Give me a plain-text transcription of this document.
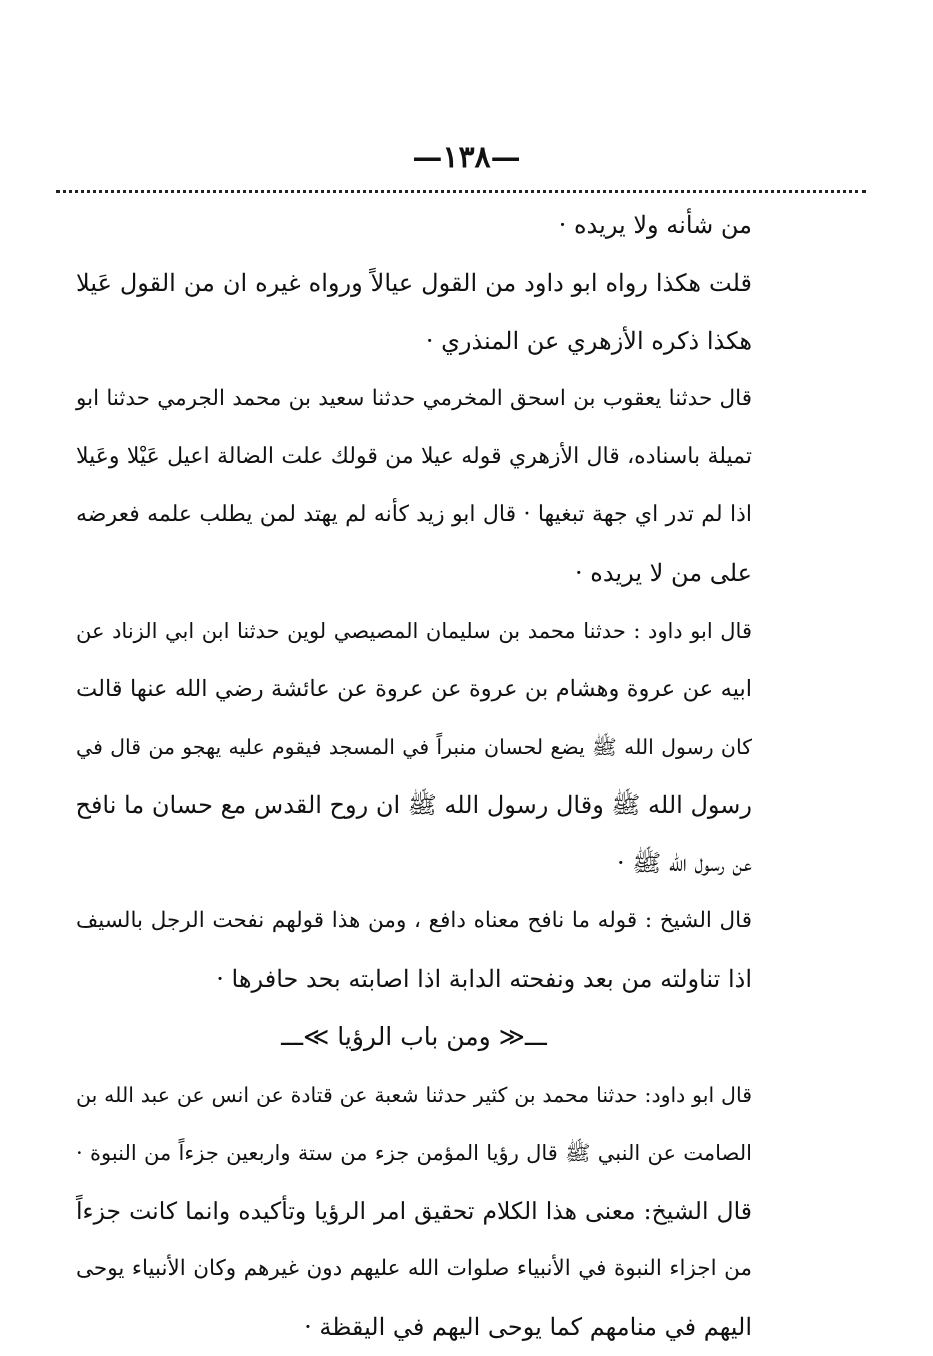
—١٣٨—
من شأنه ولا يريده ·
قلت هكذا رواه ابو داود من القول عيالاً ورواه غيره ان من القول عَيلا
هكذا ذكره الأزهري عن المنذري ·
قال حدثنا يعقوب بن اسحق المخرمي حدثنا سعيد بن محمد الجرمي حدثنا ابو
تميلة باسناده، قال الأزهري قوله عيلا من قولك علت الضالة اعيل عَيْلا وعَيلا
اذا لم تدر اي جهة تبغيها · قال ابو زيد كأنه لم يهتد لمن يطلب علمه فعرضه
على من لا يريده ·
قال ابو داود : حدثنا محمد بن سليمان المصيصي لوين حدثنا ابن ابي الزناد عن
ابيه عن عروة وهشام بن عروة عن عروة عن عائشة رضي الله عنها قالت
كان رسول الله ﷺ يضع لحسان منبراً في المسجد فيقوم عليه يهجو من قال في
رسول الله ﷺ وقال رسول الله ﷺ ان روح القدس مع حسان ما نافح
عن رسول الله ﷺ ·
قال الشيخ : قوله ما نافح معناه دافع ، ومن هذا قولهم نفحت الرجل بالسيف
اذا تناولته من بعد ونفحته الدابة اذا اصابته بحد حافرها ·
ـــ≪ ومن باب الرؤيا ≫ـــ
قال ابو داود: حدثنا محمد بن كثير حدثنا شعبة عن قتادة عن انس عن عبد الله بن
الصامت عن النبي ﷺ قال رؤيا المؤمن جزء من ستة واربعين جزءاً من النبوة ·
قال الشيخ: معنى هذا الكلام تحقيق امر الرؤيا وتأكيده وانما كانت جزءاً
من اجزاء النبوة في الأنبياء صلوات الله عليهم دون غيرهم وكان الأنبياء يوحى
اليهم في منامهم كما يوحى اليهم في اليقظة ·
